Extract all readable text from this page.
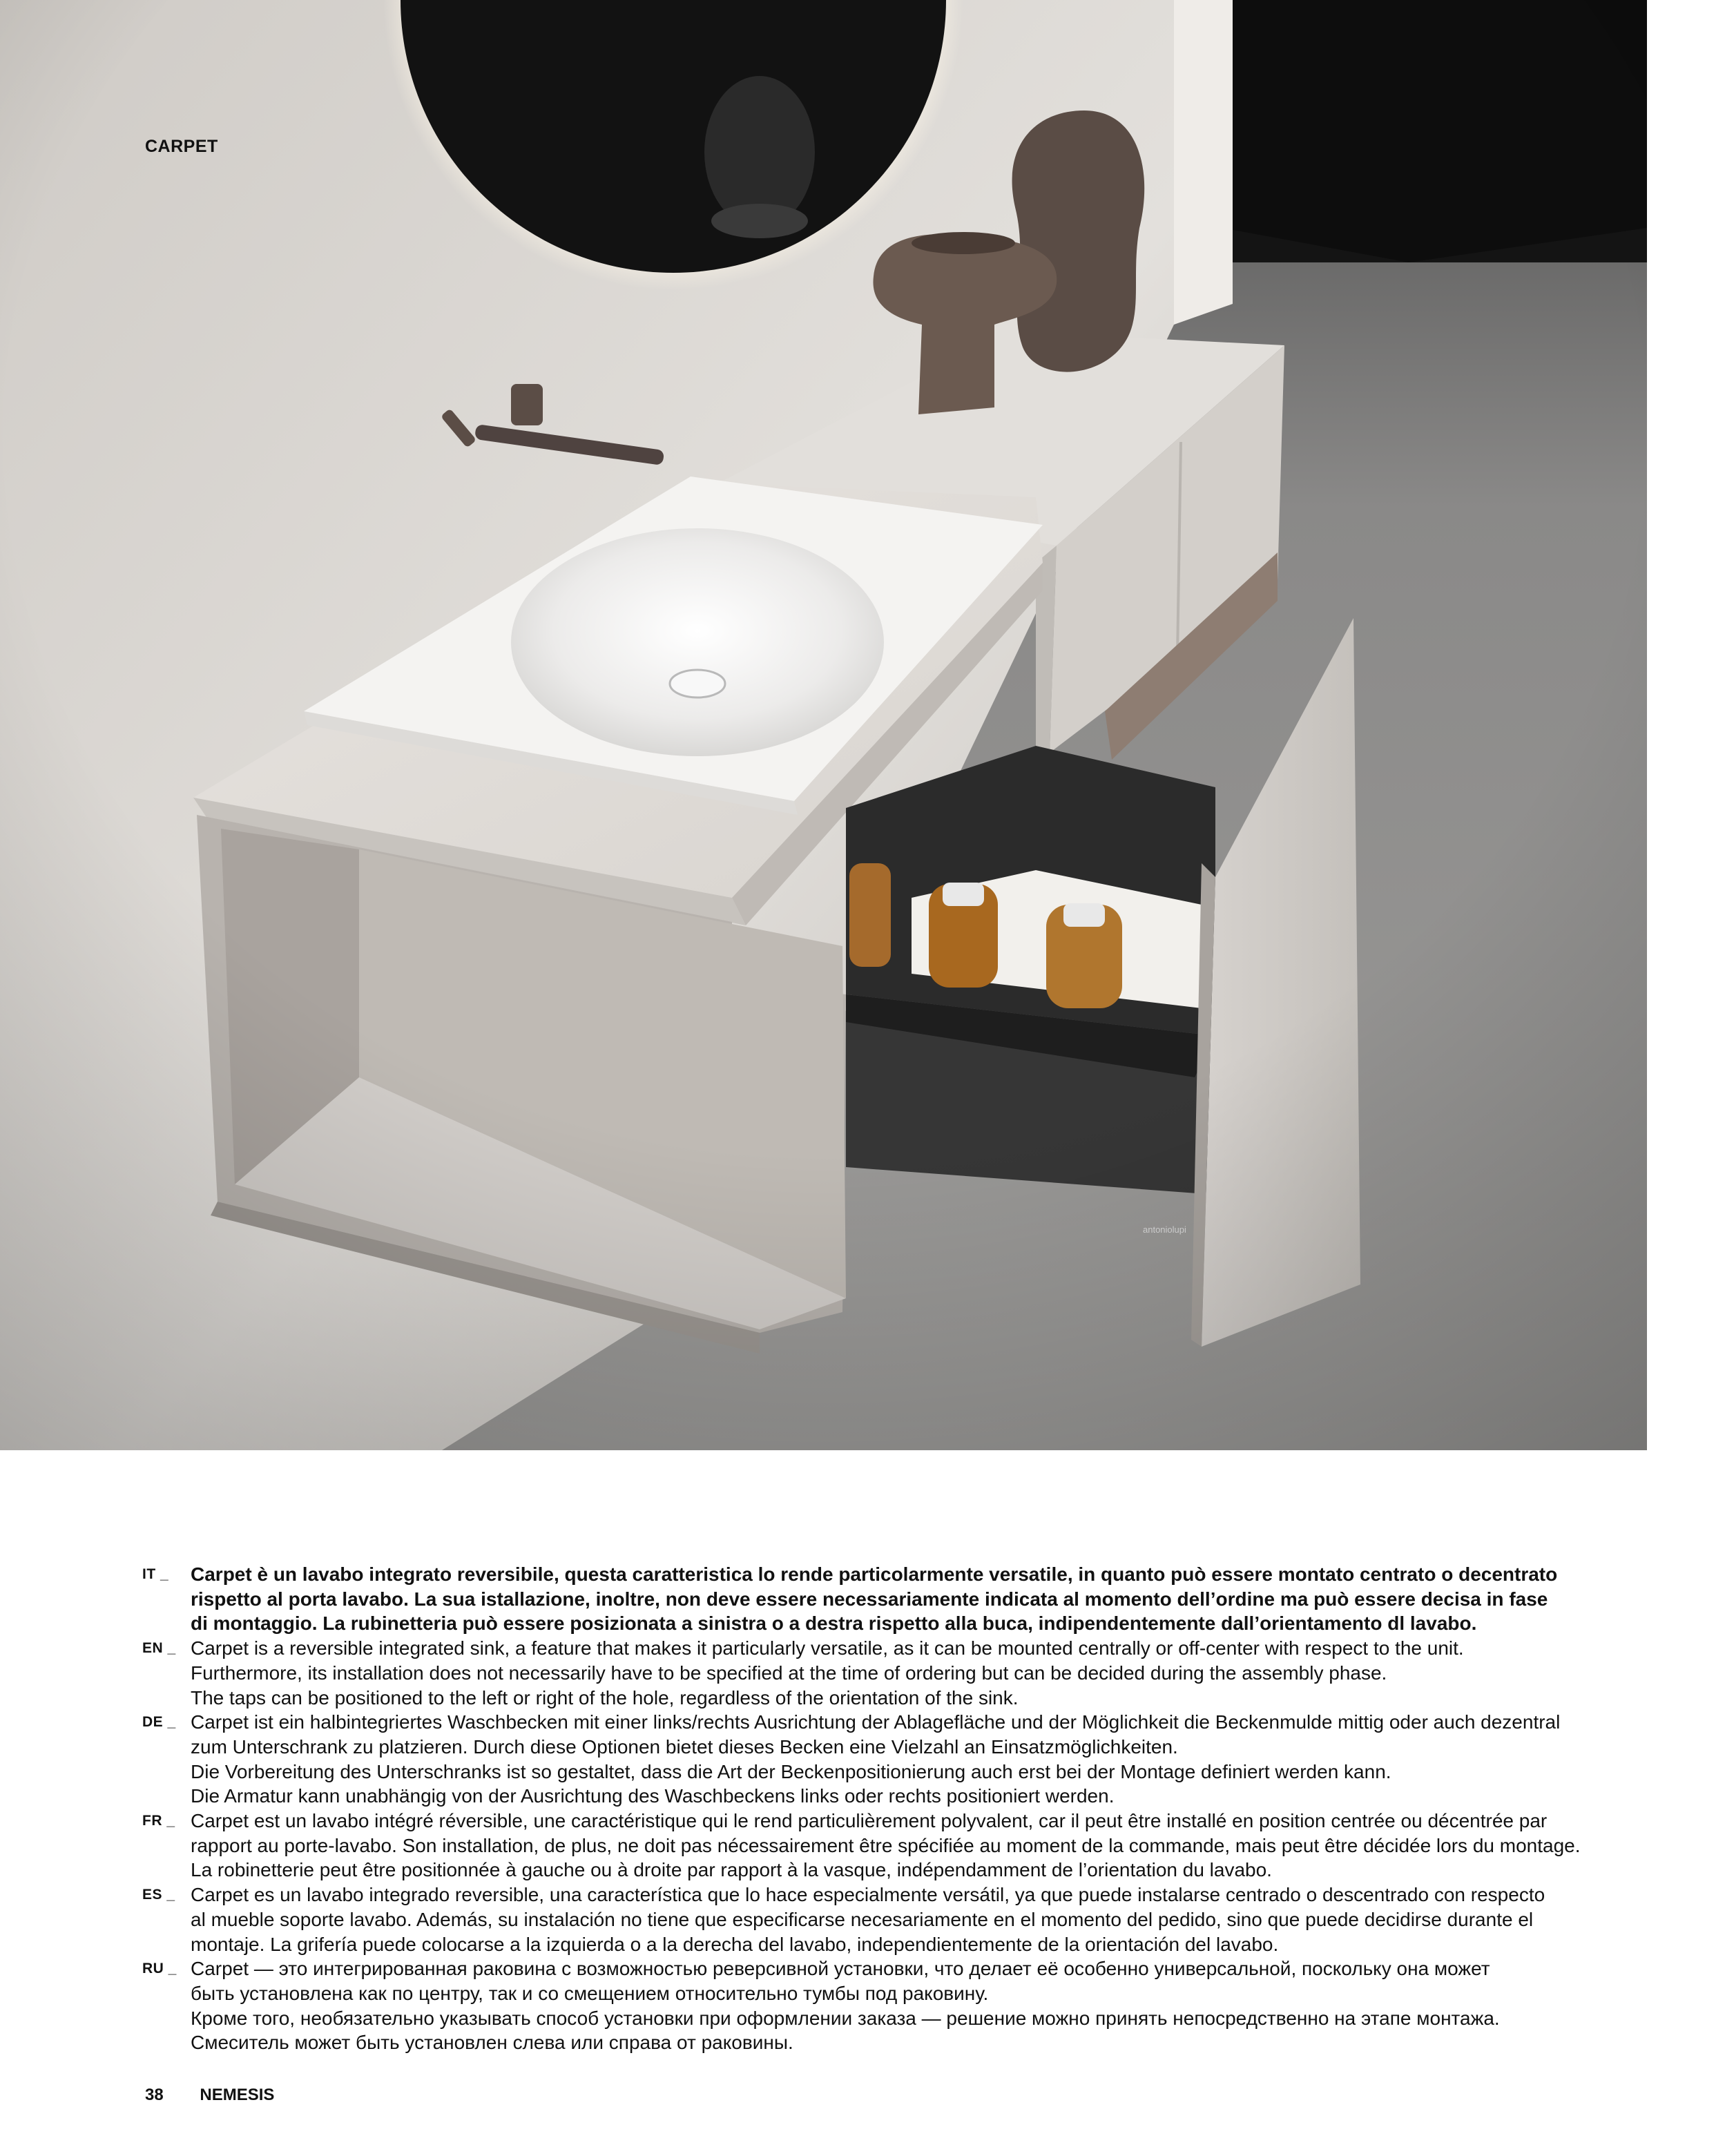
CARPET
IT _ Carpet è un lavabo integrato reversibile, questa caratteristica lo rende particolarmente versatile, in quanto può essere montato centrato o decentrato
rispetto al porta lavabo. La sua istallazione, inoltre, non deve essere necessariamente indicata al momento dell’ordine ma può essere decisa in fase
di montaggio. La rubinetteria può essere posizionata a sinistra o a destra rispetto alla buca, indipendentemente dall’orientamento dl lavabo.
EN _ Carpet is a reversible integrated sink, a feature that makes it particularly versatile, as it can be mounted centrally or off-center with respect to the unit.
Furthermore, its installation does not necessarily have to be specified at the time of ordering but can be decided during the assembly phase.
The taps can be positioned to the left or right of the hole, regardless of the orientation of the sink.
DE _ Carpet ist ein halbintegriertes Waschbecken mit einer links/rechts Ausrichtung der Ablagefläche und der Möglichkeit die Beckenmulde mittig oder auch dezentral
zum Unterschrank zu platzieren. Durch diese Optionen bietet dieses Becken eine Vielzahl an Einsatzmöglichkeiten.
Die Vorbereitung des Unterschranks ist so gestaltet, dass die Art der Beckenpositionierung auch erst bei der Montage definiert werden kann.
Die Armatur kann unabhängig von der Ausrichtung des Waschbeckens links oder rechts positioniert werden.
FR _ Carpet est un lavabo intégré réversible, une caractéristique qui le rend particulièrement polyvalent, car il peut être installé en position centrée ou décentrée par
rapport au porte-lavabo. Son installation, de plus, ne doit pas nécessairement être spécifiée au moment de la commande, mais peut être décidée lors du montage.
La robinetterie peut être positionnée à gauche ou à droite par rapport à la vasque, indépendamment de l’orientation du lavabo.
ES _ Carpet es un lavabo integrado reversible, una característica que lo hace especialmente versátil, ya que puede instalarse centrado o descentrado con respecto
al mueble soporte lavabo. Además, su instalación no tiene que especificarse necesariamente en el momento del pedido, sino que puede decidirse durante el
montaje. La grifería puede colocarse a la izquierda o a la derecha del lavabo, independientemente de la orientación del lavabo.
RU _ Carpet — это интегрированная раковина с возможностью реверсивной установки, что делает её особенно универсальной, поскольку она может
быть установлена как по центру, так и со смещением относительно тумбы под раковину.
Кроме того, необязательно указывать способ установки при оформлении заказа — решение можно принять непосредственно на этапе монтажа.
Смеситель может быть установлен слева или справа от раковины.
38 NEMESIS
